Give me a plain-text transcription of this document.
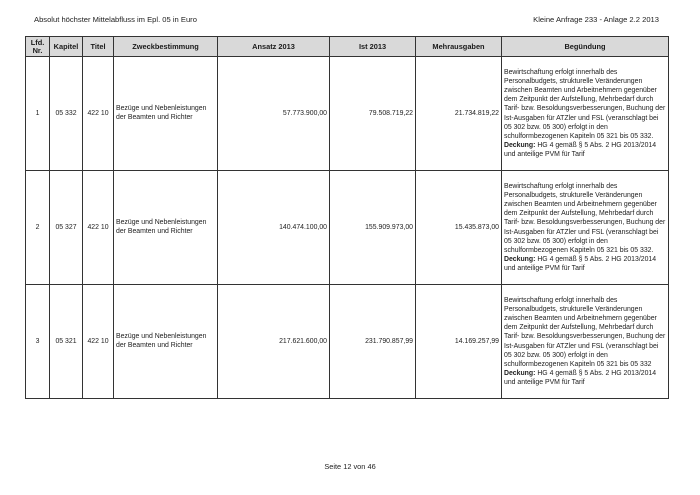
Absolut höchster Mittelabfluss im Epl. 05 in Euro	Kleine Anfrage 233 - Anlage 2.2 2013
Lfd. Nr.	Kapitel	Titel	Zweckbestimmung	Ansatz 2013	Ist 2013	Mehrausgaben	Begündung
1	05 332	422 10	Bezüge und Nebenleistungen der Beamten und Richter	57.773.900,00	79.508.719,22	21.734.819,22	Bewirtschaftung erfolgt innerhalb des Personalbudgets, strukturelle Veränderungen zwischen Beamten und Arbeitnehmern gegenüber dem Zeitpunkt der Aufstellung, Mehrbedarf durch Tarif- bzw. Besoldungsverbesserungen, Buchung der Ist-Ausgaben für ATZler und FSL (veranschlagt bei 05 302 bzw. 05 300) erfolgt in den schulformbezogenen Kapiteln 05 321 bis 05 332.
Deckung: HG 4 gemäß § 5 Abs. 2 HG 2013/2014 und anteilige PVM für Tarif
2	05 327	422 10	Bezüge und Nebenleistungen der Beamten und Richter	140.474.100,00	155.909.973,00	15.435.873,00	Bewirtschaftung erfolgt innerhalb des Personalbudgets, strukturelle Veränderungen zwischen Beamten und Arbeitnehmern gegenüber dem Zeitpunkt der Aufstellung, Mehrbedarf durch Tarif- bzw. Besoldungsverbesserungen, Buchung der Ist-Ausgaben für ATZler und FSL (veranschlagt bei 05 302 bzw. 05 300) erfolgt in den schulformbezogenen Kapiteln 05 321 bis 05 332.
Deckung: HG 4 gemäß § 5 Abs. 2 HG 2013/2014 und anteilige PVM für Tarif
3	05 321	422 10	Bezüge und Nebenleistungen der Beamten und Richter	217.621.600,00	231.790.857,99	14.169.257,99	Bewirtschaftung erfolgt innerhalb des Personalbudgets, strukturelle Veränderungen zwischen Beamten und Arbeitnehmern gegenüber dem Zeitpunkt der Aufstellung, Mehrbedarf durch Tarif- bzw. Besoldungsverbesserungen, Buchung der Ist-Ausgaben für ATZler und FSL (veranschlagt bei 05 302 bzw. 05 300) erfolgt in den schulformbezogenen Kapiteln 05 321 bis 05 332
Deckung: HG 4 gemäß § 5 Abs. 2 HG 2013/2014 und anteilige PVM für Tarif
Seite 12 von 46
